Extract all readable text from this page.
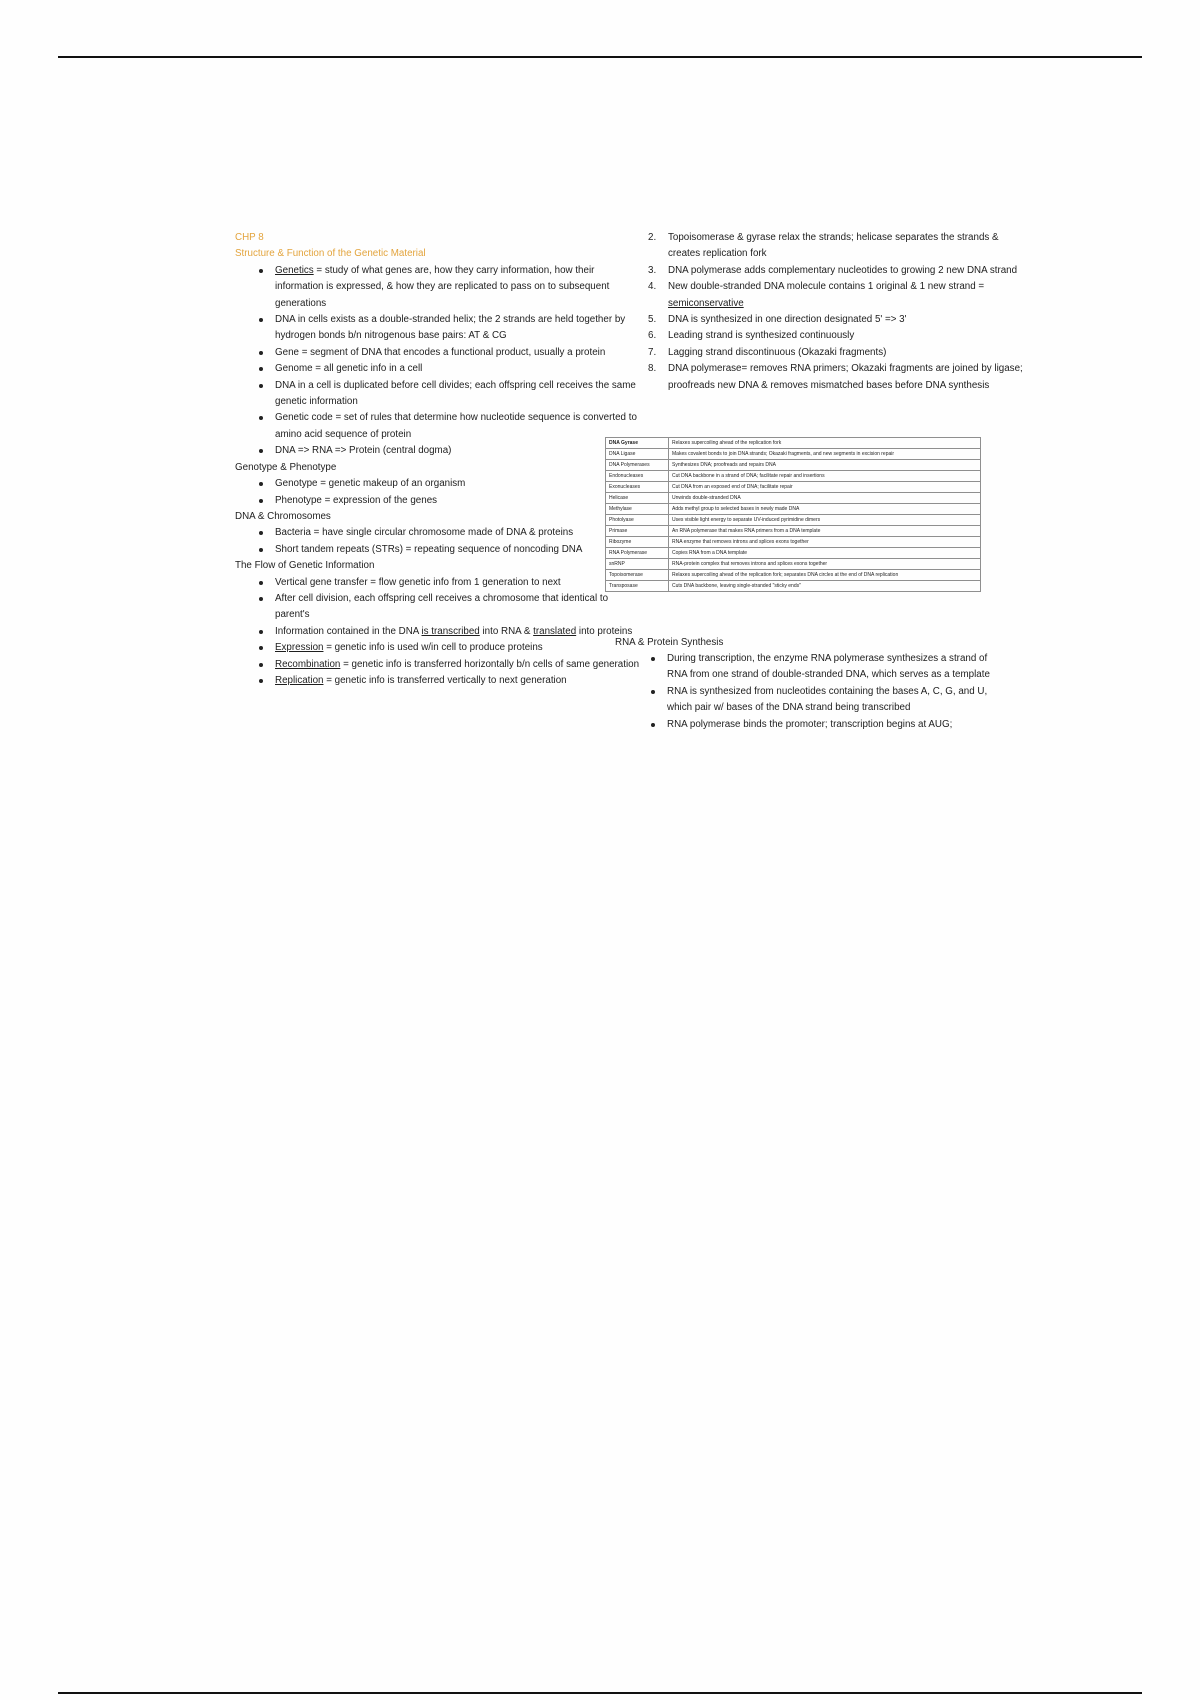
CHP 8
Structure & Function of the Genetic Material
Genetics = study of what genes are, how they carry information, how their information is expressed, & how they are replicated to pass on to subsequent generations
DNA in cells exists as a double-stranded helix; the 2 strands are held together by hydrogen bonds b/n nitrogenous base pairs: AT & CG
Gene = segment of DNA that encodes a functional product, usually a protein
Genome = all genetic info in a cell
DNA in a cell is duplicated before cell divides; each offspring cell receives the same genetic information
Genetic code = set of rules that determine how nucleotide sequence is converted to amino acid sequence of protein
DNA => RNA => Protein (central dogma)
Genotype & Phenotype
Genotype = genetic makeup of an organism
Phenotype = expression of the genes
DNA & Chromosomes
Bacteria = have single circular chromosome made of DNA & proteins
Short tandem repeats (STRs) = repeating sequence of noncoding DNA
The Flow of Genetic Information
Vertical gene transfer = flow genetic info from 1 generation to next
After cell division, each offspring cell receives a chromosome that identical to parent's
Information contained in the DNA is transcribed into RNA & translated into proteins
Expression = genetic info is used w/in cell to produce proteins
Recombination = genetic info is transferred horizontally b/n cells of same generation
Replication = genetic info is transferred vertically to next generation
2. Topoisomerase & gyrase relax the strands; helicase separates the strands & creates replication fork
3. DNA polymerase adds complementary nucleotides to growing 2 new DNA strand
4. New double-stranded DNA molecule contains 1 original & 1 new strand = semiconservative
5. DNA is synthesized in one direction designated 5' => 3'
6. Leading strand is synthesized continuously
7. Lagging strand discontinuous (Okazaki fragments)
8. DNA polymerase= removes RNA primers; Okazaki fragments are joined by ligase; proofreads new DNA & removes mismatched bases before DNA synthesis
DNA Gyrase	Relaxes supercoiling ahead of the replication fork
DNA Ligase	Makes covalent bonds to join DNA strands; Okazaki fragments, and new segments in excision repair
DNA Polymerases	Synthesizes DNA; proofreads and repairs DNA
Endonucleases	Cut DNA backbone in a strand of DNA; facilitate repair and insertions
Exonucleases	Cut DNA from an exposed end of DNA; facilitate repair
Helicase	Unwinds double-stranded DNA
Methylase	Adds methyl group to selected bases in newly made DNA
Photolyase	Uses visible light energy to separate UV-induced pyrimidine dimers
Primase	An RNA polymerase that makes RNA primers from a DNA template
Ribozyme	RNA enzyme that removes introns and splices exons together
RNA Polymerase	Copies RNA from a DNA template
snRNP	RNA-protein complex that removes introns and splices exons together
Topoisomerase	Relaxes supercoiling ahead of the replication fork; separates DNA circles at the end of DNA replication
Transposase	Cuts DNA backbone, leaving single-stranded "sticky ends"
RNA & Protein Synthesis
During transcription, the enzyme RNA polymerase synthesizes a strand of RNA from one strand of double-stranded DNA, which serves as a template
RNA is synthesized from nucleotides containing the bases A, C, G, and U, which pair w/ bases of the DNA strand being transcribed
RNA polymerase binds the promoter; transcription begins at AUG;
